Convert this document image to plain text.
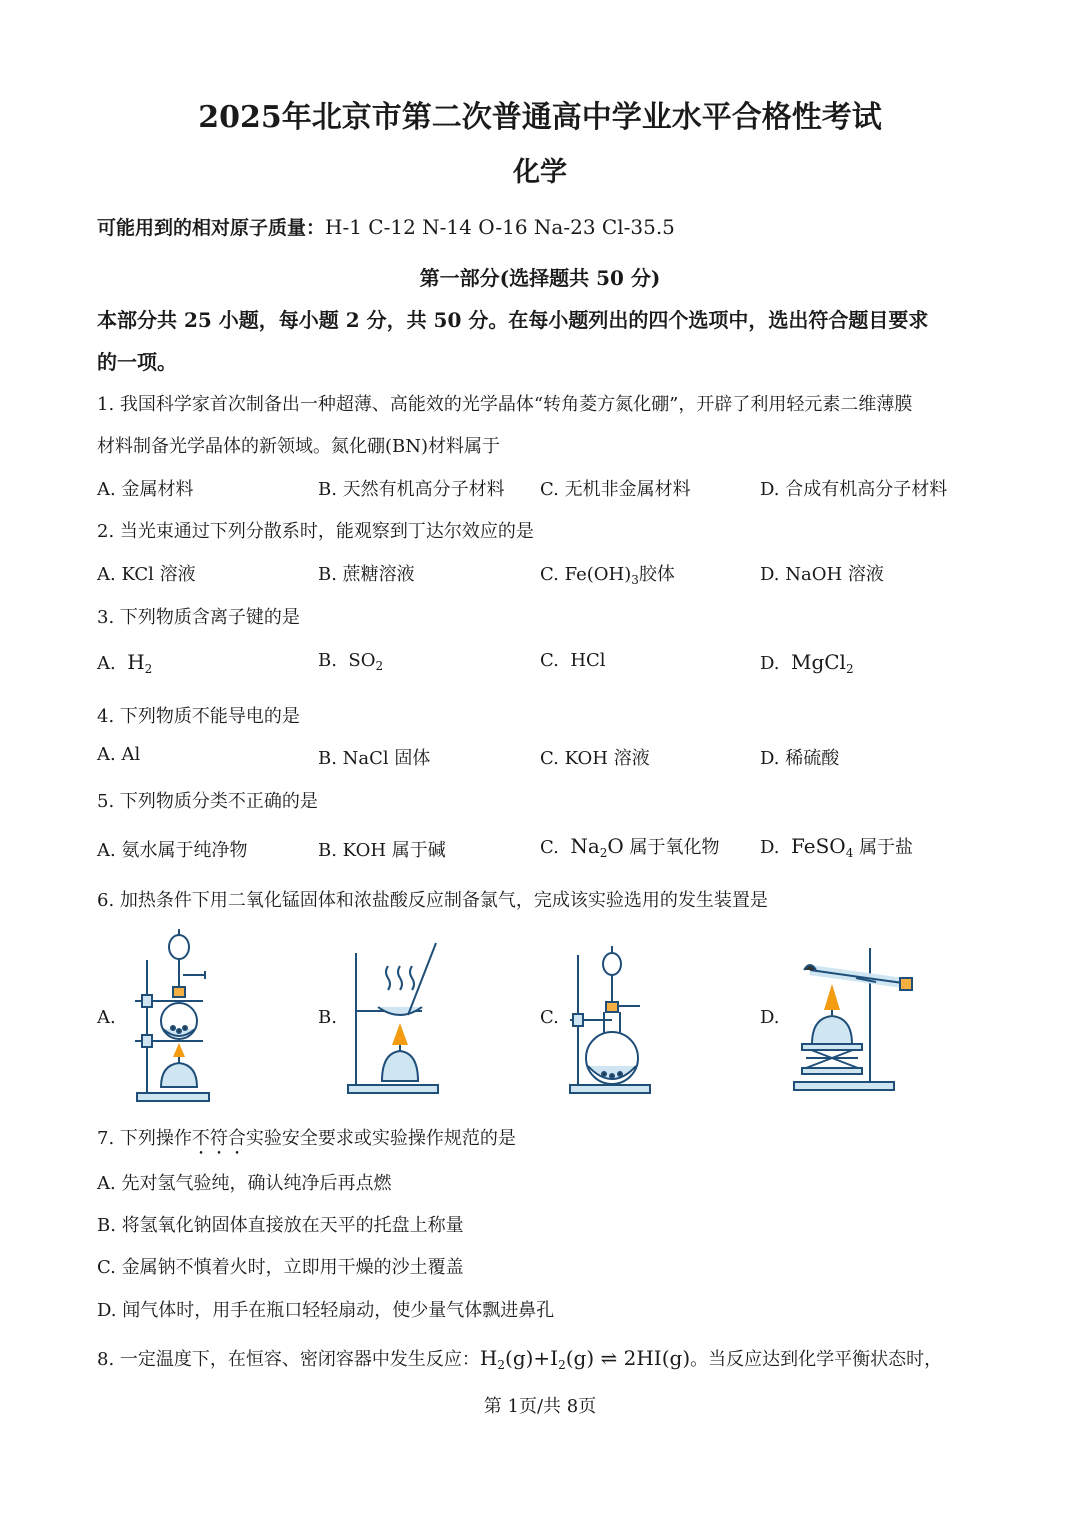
2025年北京市第二次普通高中学业水平合格性考试
化学
可能用到的相对原子质量：H-1 C-12 N-14 O-16 Na-23 Cl-35.5
第一部分(选择题共 50 分)
本部分共 25 小题，每小题 2 分，共 50 分。在每小题列出的四个选项中，选出符合题目要求
的一项。
1. 我国科学家首次制备出一种超薄、高能效的光学晶体“转角菱方氮化硼”，开辟了利用轻元素二维薄膜
材料制备光学晶体的新领域。氮化硼(BN)材料属于
A. 金属材料	B. 天然有机高分子材料 C. 无机非金属材料	D. 合成有机高分子材料
2. 当光束通过下列分散系时，能观察到丁达尔效应的是
A. KCl 溶液	B. 蔗糖溶液	C. $Fe(OH)_3$胶体	D. NaOH 溶液
3. 下列物质含离子键的是
A. $H_2$	B. $SO_2$	C. HCl	D. MgCl$_2$
4. 下列物质不能导电的是
A. Al	B. NaCl 固体	C. KOH 溶液	D. 稀硫酸
5. 下列物质分类不正确的是
A. 氨水属于纯净物	B. KOH 属于碱	C. $Na_2O$ 属于氧化物 D. FeSO$_4$ 属于盐
6. 加热条件下用二氧化锰固体和浓盐酸反应制备氯气，完成该实验选用的发生装置是
A.	B.	C.	D.
7. 下列操作不符合实验安全要求或实验操作规范的是
A. 先对氢气验纯，确认纯净后再点燃
B. 将氢氧化钠固体直接放在天平的托盘上称量
C. 金属钠不慎着火时，立即用干燥的沙土覆盖
D. 闻气体时，用手在瓶口轻轻扇动，使少量气体飘进鼻孔
8. 一定温度下，在恒容、密闭容器中发生反应：$H_2(g)+I_2(g)$ ⇌ 2HI(g)。当反应达到化学平衡状态时，
第 1页/共 8页
